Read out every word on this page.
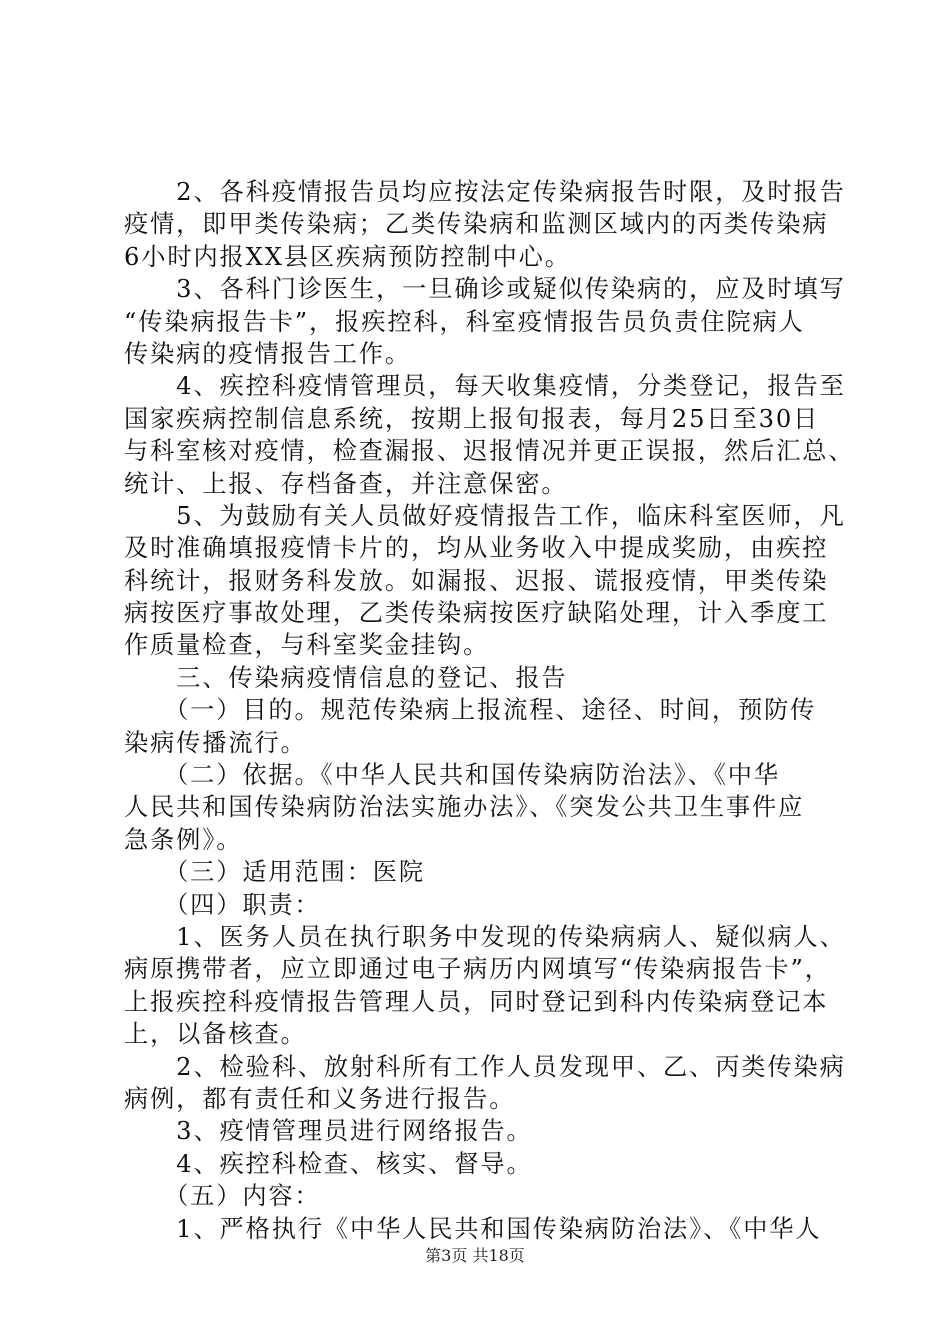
　　2、各科疫情报告员均应按法定传染病报告时限，及时报告
疫情，即甲类传染病；乙类传染病和监测区域内的丙类传染病
6小时内报XX县区疾病预防控制中心。
　　3、各科门诊医生，一旦确诊或疑似传染病的，应及时填写
“传染病报告卡”，报疾控科，科室疫情报告员负责住院病人
传染病的疫情报告工作。
　　4、疾控科疫情管理员，每天收集疫情，分类登记，报告至
国家疾病控制信息系统，按期上报旬报表，每月25日至30日
与科室核对疫情，检查漏报、迟报情况并更正误报，然后汇总、
统计、上报、存档备查，并注意保密。
　　5、为鼓励有关人员做好疫情报告工作，临床科室医师，凡
及时准确填报疫情卡片的，均从业务收入中提成奖励，由疾控
科统计，报财务科发放。如漏报、迟报、谎报疫情，甲类传染
病按医疗事故处理，乙类传染病按医疗缺陷处理，计入季度工
作质量检查，与科室奖金挂钩。
　　三、传染病疫情信息的登记、报告
　　（一）目的。规范传染病上报流程、途径、时间，预防传
染病传播流行。
　　（二）依据。《中华人民共和国传染病防治法》、《中华
人民共和国传染病防治法实施办法》、《突发公共卫生事件应
急条例》。
　　（三）适用范围：医院
　　（四）职责：
　　1、医务人员在执行职务中发现的传染病病人、疑似病人、
病原携带者，应立即通过电子病历内网填写“传染病报告卡”，
上报疾控科疫情报告管理人员，同时登记到科内传染病登记本
上，以备核查。
　　2、检验科、放射科所有工作人员发现甲、乙、丙类传染病
病例，都有责任和义务进行报告。
　　3、疫情管理员进行网络报告。
　　4、疾控科检查、核实、督导。
　　（五）内容：
　　1、严格执行《中华人民共和国传染病防治法》、《中华人
第3页 共18页
